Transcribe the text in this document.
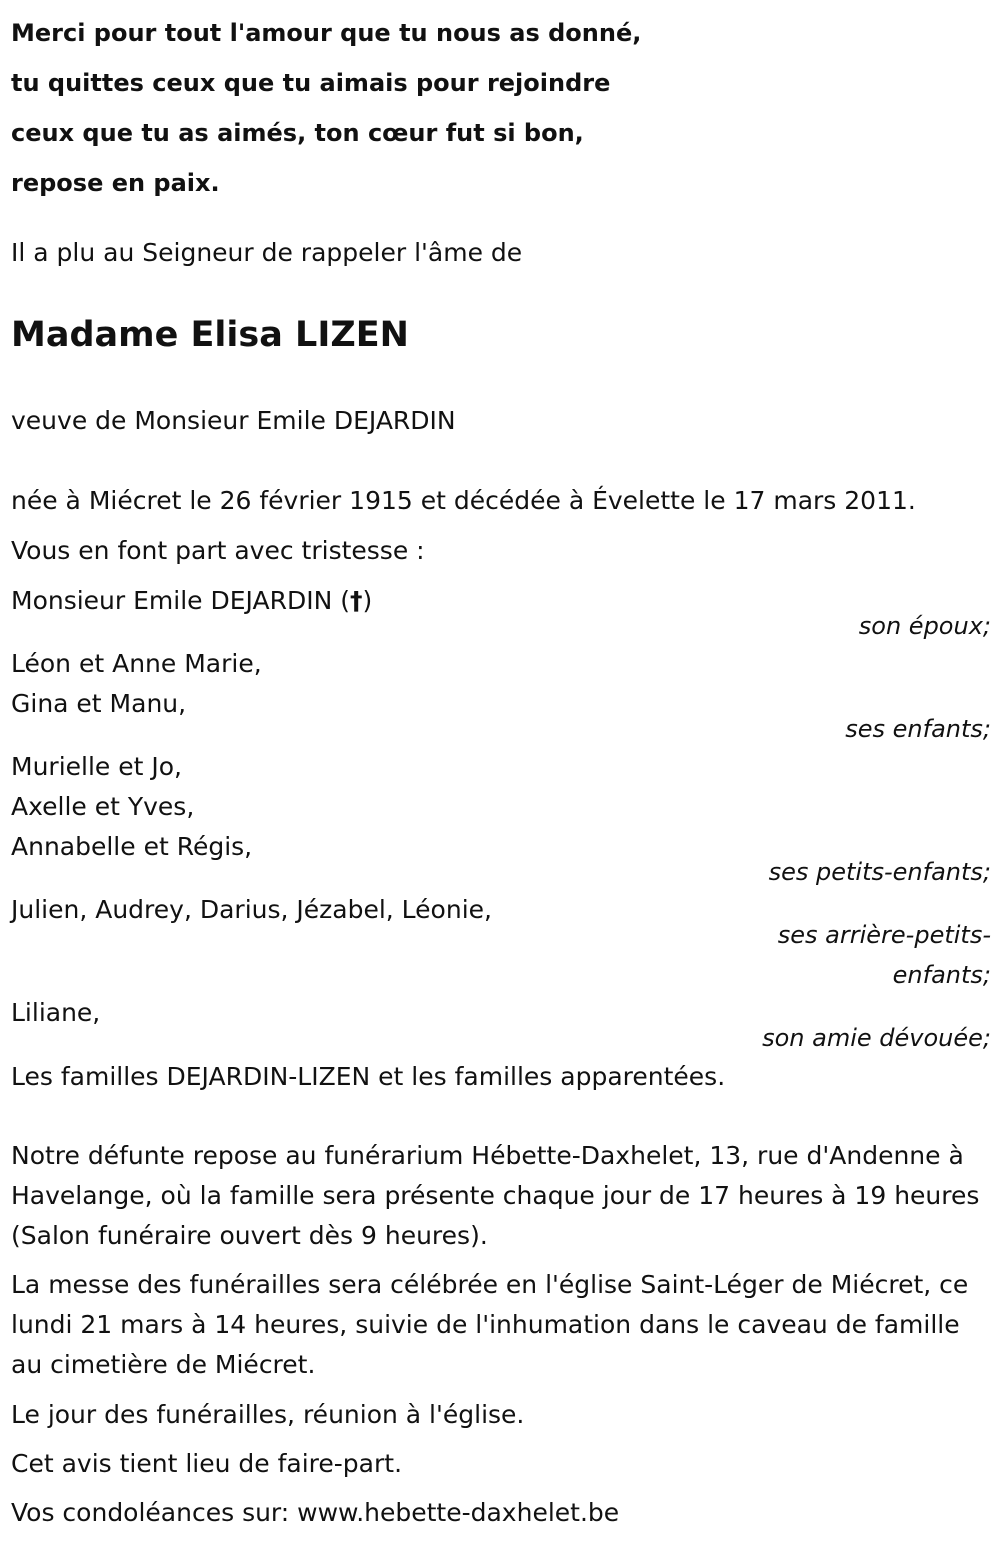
Merci pour tout l'amour que tu nous as donné,
tu quittes ceux que tu aimais pour rejoindre
ceux que tu as aimés, ton cœur fut si bon,
repose en paix.
Il a plu au Seigneur de rappeler l'âme de
Madame Elisa LIZEN
veuve de Monsieur Emile DEJARDIN
née à Miécret le 26 février 1915 et décédée à Évelette le 17 mars 2011.
Vous en font part avec tristesse :
Monsieur Emile DEJARDIN (†)
son époux;
Léon et Anne Marie,
Gina et Manu,
ses enfants;
Murielle et Jo,
Axelle et Yves,
Annabelle et Régis,
ses petits-enfants;
Julien, Audrey, Darius, Jézabel, Léonie,
ses arrière-petits-
enfants;
Liliane,
son amie dévouée;
Les familles DEJARDIN-LIZEN et les familles apparentées.
Notre défunte repose au funérarium Hébette-Daxhelet, 13, rue d'Andenne à Havelange, où la famille sera présente chaque jour de 17 heures à 19 heures (Salon funéraire ouvert dès 9 heures).
La messe des funérailles sera célébrée en l'église Saint-Léger de Miécret, ce lundi 21 mars à 14 heures, suivie de l'inhumation dans le caveau de famille au cimetière de Miécret.
Le jour des funérailles, réunion à l'église.
Cet avis tient lieu de faire-part.
Vos condoléances sur: www.hebette-daxhelet.be
